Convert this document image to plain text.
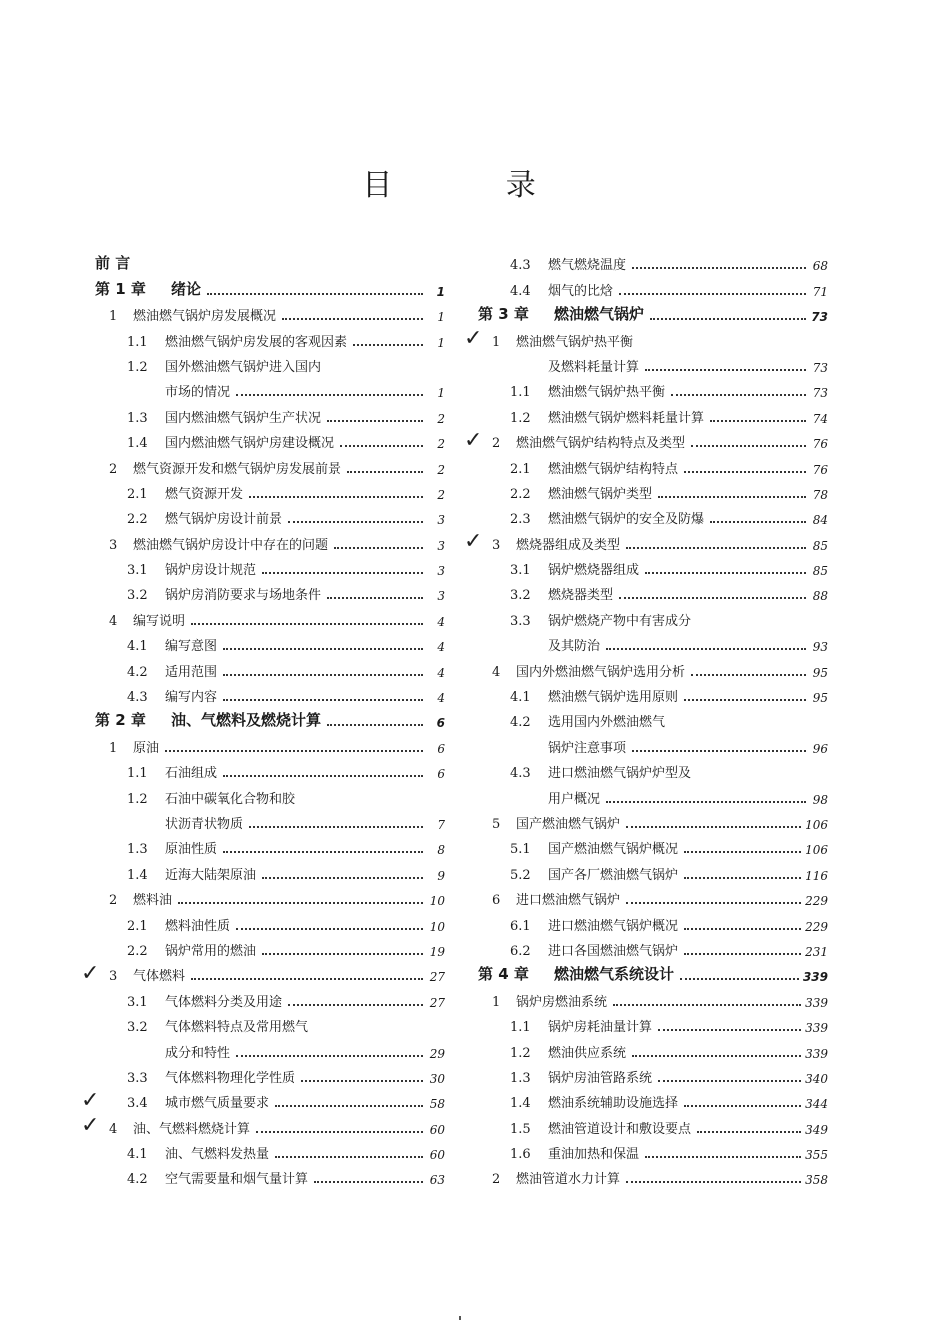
目 录
前 言
第 1 章 绪论	1
1 燃油燃气锅炉房发展概况	1
1.1 燃油燃气锅炉房发展的客观因素	1
1.2 国外燃油燃气锅炉进入国内
市场的情况	1
1.3 国内燃油燃气锅炉生产状况	2
1.4 国内燃油燃气锅炉房建设概况	2
2 燃气资源开发和燃气锅炉房发展前景	2
2.1 燃气资源开发	2
2.2 燃气锅炉房设计前景	3
3 燃油燃气锅炉房设计中存在的问题	3
3.1 锅炉房设计规范	3
3.2 锅炉房消防要求与场地条件	3
4 编写说明	4
4.1 编写意图	4
4.2 适用范围	4
4.3 编写内容	4
第 2 章 油、气燃料及燃烧计算	6
1 原油	6
1.1 石油组成	6
1.2 石油中碳氧化合物和胶
状沥青状物质	7
1.3 原油性质	8
1.4 近海大陆架原油	9
2 燃料油	10
2.1 燃料油性质	10
2.2 锅炉常用的燃油	19
✓ 3 气体燃料	27
3.1 气体燃料分类及用途	27
3.2 气体燃料特点及常用燃气
成分和特性	29
3.3 气体燃料物理化学性质	30
✓ 3.4 城市燃气质量要求	58
✓ 4 油、气燃料燃烧计算	60
4.1 油、气燃料发热量	60
4.2 空气需要量和烟气量计算	63
4.3 燃气燃烧温度	68
4.4 烟气的比焓	71
第 3 章 燃油燃气锅炉	73
✓ 1 燃油燃气锅炉热平衡
及燃料耗量计算	73
1.1 燃油燃气锅炉热平衡	73
1.2 燃油燃气锅炉燃料耗量计算	74
✓ 2 燃油燃气锅炉结构特点及类型	76
2.1 燃油燃气锅炉结构特点	76
2.2 燃油燃气锅炉类型	78
2.3 燃油燃气锅炉的安全及防爆	84
✓ 3 燃烧器组成及类型	85
3.1 锅炉燃烧器组成	85
3.2 燃烧器类型	88
3.3 锅炉燃烧产物中有害成分
及其防治	93
4 国内外燃油燃气锅炉选用分析	95
4.1 燃油燃气锅炉选用原则	95
4.2 选用国内外燃油燃气
锅炉注意事项	96
4.3 进口燃油燃气锅炉炉型及
用户概况	98
5 国产燃油燃气锅炉	106
5.1 国产燃油燃气锅炉概况	106
5.2 国产各厂燃油燃气锅炉	116
6 进口燃油燃气锅炉	229
6.1 进口燃油燃气锅炉概况	229
6.2 进口各国燃油燃气锅炉	231
第 4 章 燃油燃气系统设计	339
1 锅炉房燃油系统	339
1.1 锅炉房耗油量计算	339
1.2 燃油供应系统	339
1.3 锅炉房油管路系统	340
1.4 燃油系统辅助设施选择	344
1.5 燃油管道设计和敷设要点	349
1.6 重油加热和保温	355
2 燃油管道水力计算	358
